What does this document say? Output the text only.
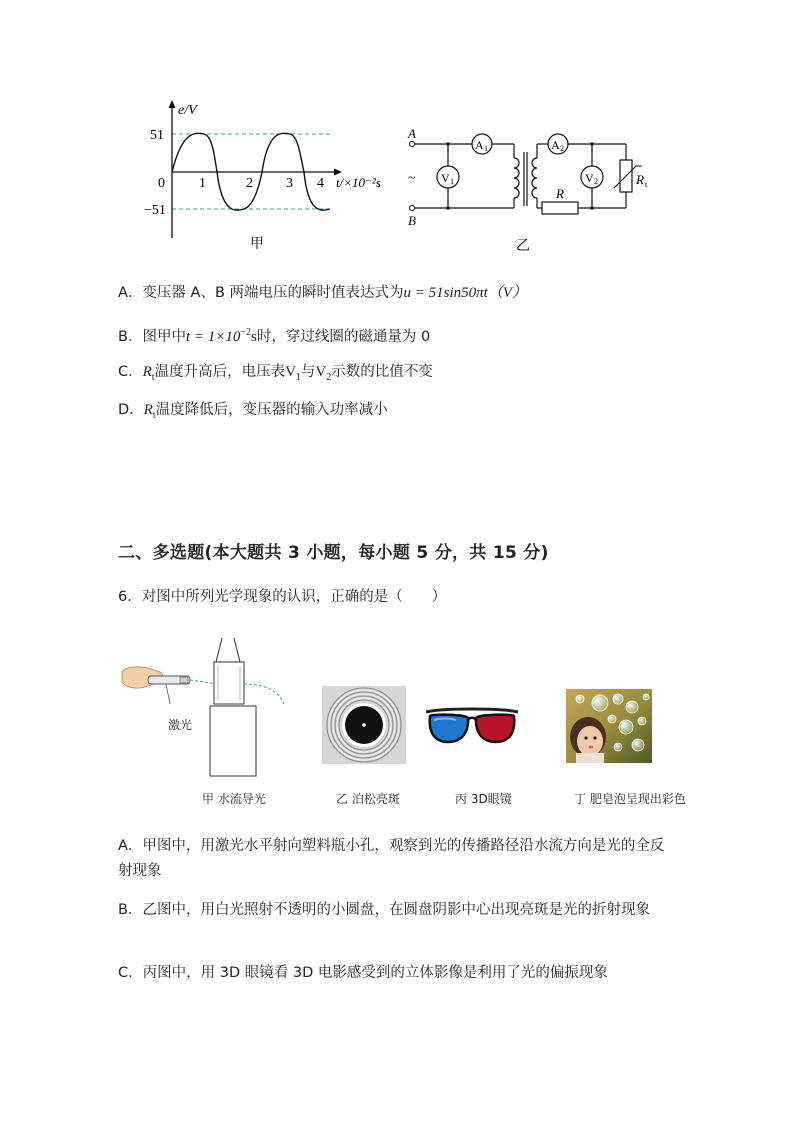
e/V
51
0
−51
1	2 3 4 t/×10⁻²s
甲
A 1	A 2
V 1	V 2
R
R t
A
B
~
乙
A．变压器 A、B 两端电压的瞬时值表达式为u = 51sin50πt（V）
B．图甲中$t = 1\times 10^{-2}s$时，穿过线圈的磁通量为 0
C．$R_t$温度升高后，电压表$V_1$与$V_2$示数的比值不变
D．$R_t$温度降低后，变压器的输入功率减小
二、多选题(本大题共 3 小题，每小题 5 分，共 15 分)
6．对图中所列光学现象的认识，正确的是（　　）
激光
甲 水流导光	乙 泊松亮斑	丙 3D眼镜	丁 肥皂泡呈现出彩色
A．甲图中，用激光水平射向塑料瓶小孔，观察到光的传播路径沿水流方向是光的全反射现象
B．乙图中，用白光照射不透明的小圆盘，在圆盘阴影中心出现亮斑是光的折射现象
C．丙图中，用 3D 眼镜看 3D 电影感受到的立体影像是利用了光的偏振现象
